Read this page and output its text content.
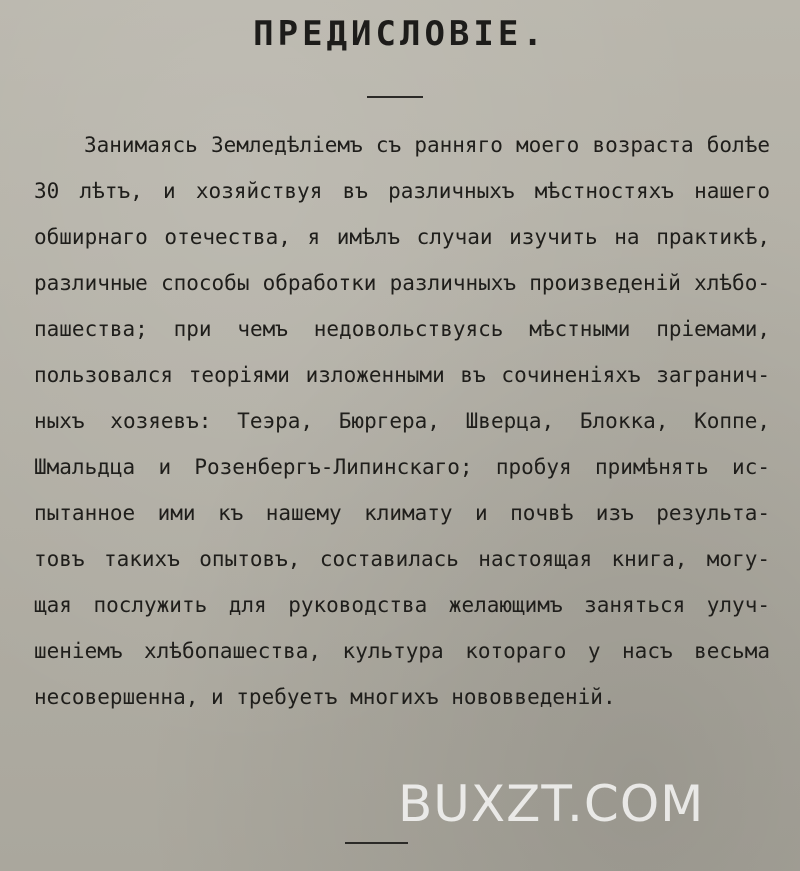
ПРЕДИСЛОВІЕ.
Занимаясь Земледѣліемъ съ ранняго моего возраста болѣе
30 лѣтъ, и хозяйствуя въ различныхъ мѣстностяхъ нашего
обширнаго отечества, я имѣлъ случаи изучить на практикѣ,
различные способы обработки различныхъ произведеній хлѣбо-
пашества; при чемъ недовольствуясь мѣстными пріемами,
пользовался теоріями изложенными въ сочиненіяхъ загранич-
ныхъ хозяевъ: Теэра, Бюргера, Шверца, Блокка, Коппе,
Шмальдца и Розенбергъ-Липинскаго; пробуя примѣнять ис-
пытанное ими къ нашему климату и почвѣ изъ результа-
товъ такихъ опытовъ, составилась настоящая книга, могу-
щая послужить для руководства желающимъ заняться улуч-
шеніемъ хлѣбопашества, культура котораго у насъ весьма
несовершенна, и требуетъ многихъ нововведеній.
BUXZT.COM
